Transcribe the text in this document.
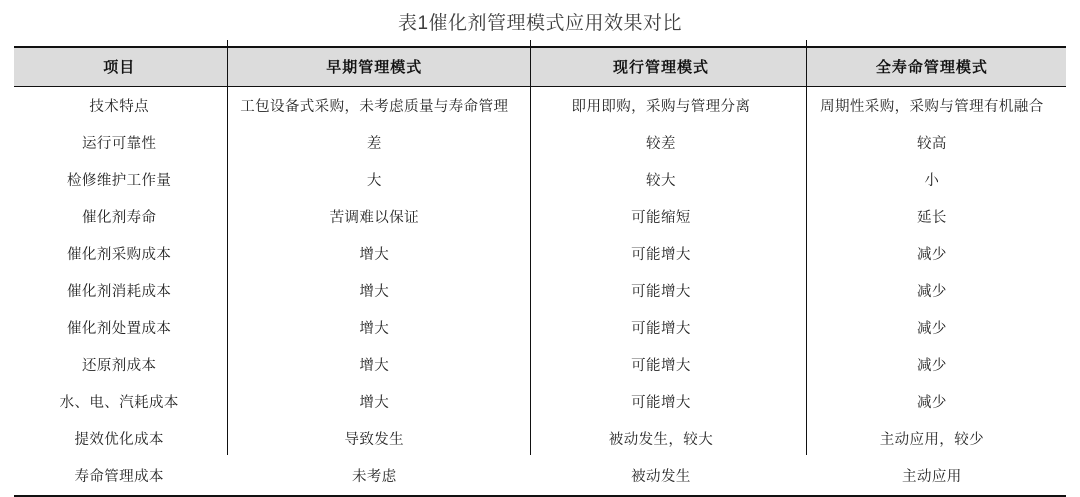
表1催化剂管理模式应用效果对比
项目	早期管理模式	现行管理模式	全寿命管理模式
技术特点	工包设备式采购，未考虑质量与寿命管理	即用即购，采购与管理分离	周期性采购，采购与管理有机融合
运行可靠性	差	较差	较高
检修维护工作量	大	较大	小
催化剂寿命	苦调难以保证	可能缩短	延长
催化剂采购成本	增大	可能增大	减少
催化剂消耗成本	增大	可能增大	减少
催化剂处置成本	增大	可能增大	减少
还原剂成本	增大	可能增大	减少
水、电、汽耗成本	增大	可能增大	减少
提效优化成本	导致发生	被动发生，较大	主动应用，较少
寿命管理成本	未考虑	被动发生	主动应用
